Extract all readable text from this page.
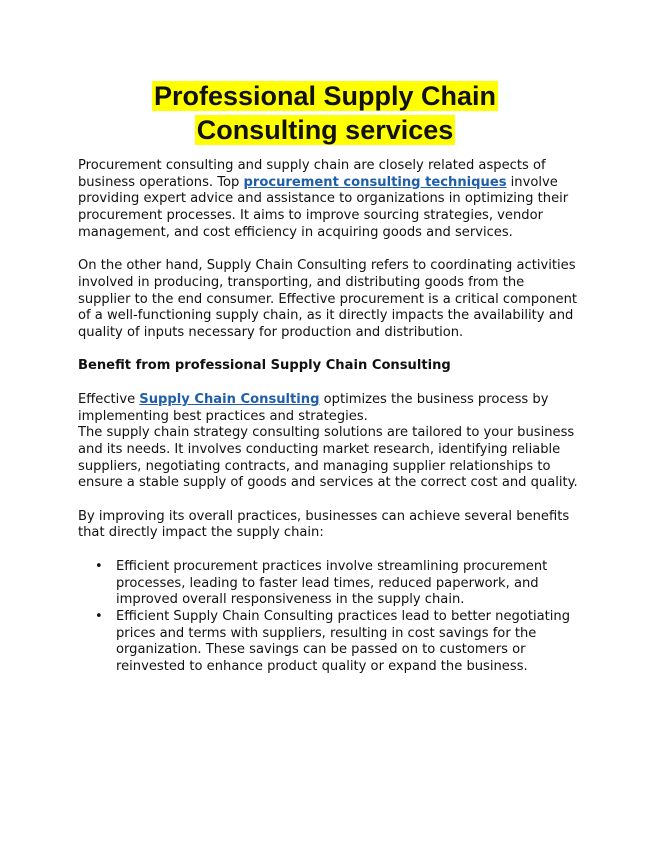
Professional Supply Chain
Consulting services

Procurement consulting and supply chain are closely related aspects of business operations. Top procurement consulting techniques involve providing expert advice and assistance to organizations in optimizing their procurement processes. It aims to improve sourcing strategies, vendor management, and cost efficiency in acquiring goods and services.

On the other hand, Supply Chain Consulting refers to coordinating activities involved in producing, transporting, and distributing goods from the supplier to the end consumer. Effective procurement is a critical component of a well-functioning supply chain, as it directly impacts the availability and quality of inputs necessary for production and distribution.

Benefit from professional Supply Chain Consulting

Effective Supply Chain Consulting optimizes the business process by implementing best practices and strategies.
The supply chain strategy consulting solutions are tailored to your business and its needs. It involves conducting market research, identifying reliable suppliers, negotiating contracts, and managing supplier relationships to ensure a stable supply of goods and services at the correct cost and quality.

By improving its overall practices, businesses can achieve several benefits that directly impact the supply chain:

• Efficient procurement practices involve streamlining procurement processes, leading to faster lead times, reduced paperwork, and improved overall responsiveness in the supply chain.
• Efficient Supply Chain Consulting practices lead to better negotiating prices and terms with suppliers, resulting in cost savings for the organization. These savings can be passed on to customers or reinvested to enhance product quality or expand the business.
